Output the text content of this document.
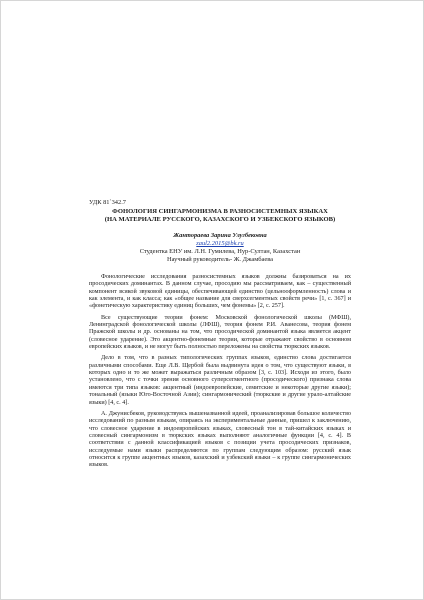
УДК 81`342.7
ФОНОЛОГИЯ СИНГАРМОНИЗМА В РАЗНОСИСТЕМНЫХ ЯЗЫКАХ
(НА МАТЕРИАЛЕ РУССКОГО, КАЗАХСКОГО И УЗБЕКСКОГО ЯЗЫКОВ)
Жанторaева Зарина Улугбековна
zaul2.2015@bk.ru
Студентка ЕНУ им. Л.Н. Гумилева, Нур-Султан, Казахстан
Научный руководитель- Ж. Джамбаева

Фонологические исследования разносистемных языков должны базироваться на их просодических доминантах. В данном случае, просодию мы рассматриваем, как – существенный компонент всякой звуковой единицы, обеспечивающей единство (цельнооформленность) слова и как элемента, и как класса; как «общее название для сверхсегментных свойств речи» [1, с. 367] и «фонетическую характеристику единиц больших, чем фонемы» [2, с. 257].

Все существующие теории фонем: Московской фонологической школы (МФШ), Ленинградской фонологической школы (ЛФШ), теория фонем Р.И. Аванесова, теория фонем Пражской школы и др. основаны на том, что просодической доминантой языка является акцент (словесное ударение). Это акцентно-фонемные теории, которые отражают свойство в основном европейских языков, и не могут быть полностью переложены на свойства тюркских языков.

Дело в том, что в разных типологических группах языков, единство слова достигается различными способами. Еще Л.В. Щербой была выдвинута идея о том, что существуют языки, в которых одно и то же может выражаться различным образом [3, с. 103]. Исходя из этого, было установлено, что с точки зрения основного суперсегментного (просодического) признака слова имеются три типа языков: акцентный (индоевропейские, семитские и некоторые другие языки); тональный (языки Юго-Восточной Азии); сингармонический (тюркские и другие урало-алтайские языки) [4, с. 4].

А. Джунисбеков, руководствуясь вышеназванной идеей, проанализировав большое количество исследований по разным языкам, опираясь на экспериментальные данные, пришел к заключению, что словесное ударение в индоевропейских языках, словесный тон в тай-китайских языках и словесный сингармонизм в тюркских языках выполняют аналогичные функции [4, с. 4]. В соответствии с данной классификацией языков с позиции учета просодических признаков, исследуемые нами языки распределяются по группам следующим образом: русский язык относится к группе акцентных языков, казахский и узбекский языки – к группе сингармонических языков.
